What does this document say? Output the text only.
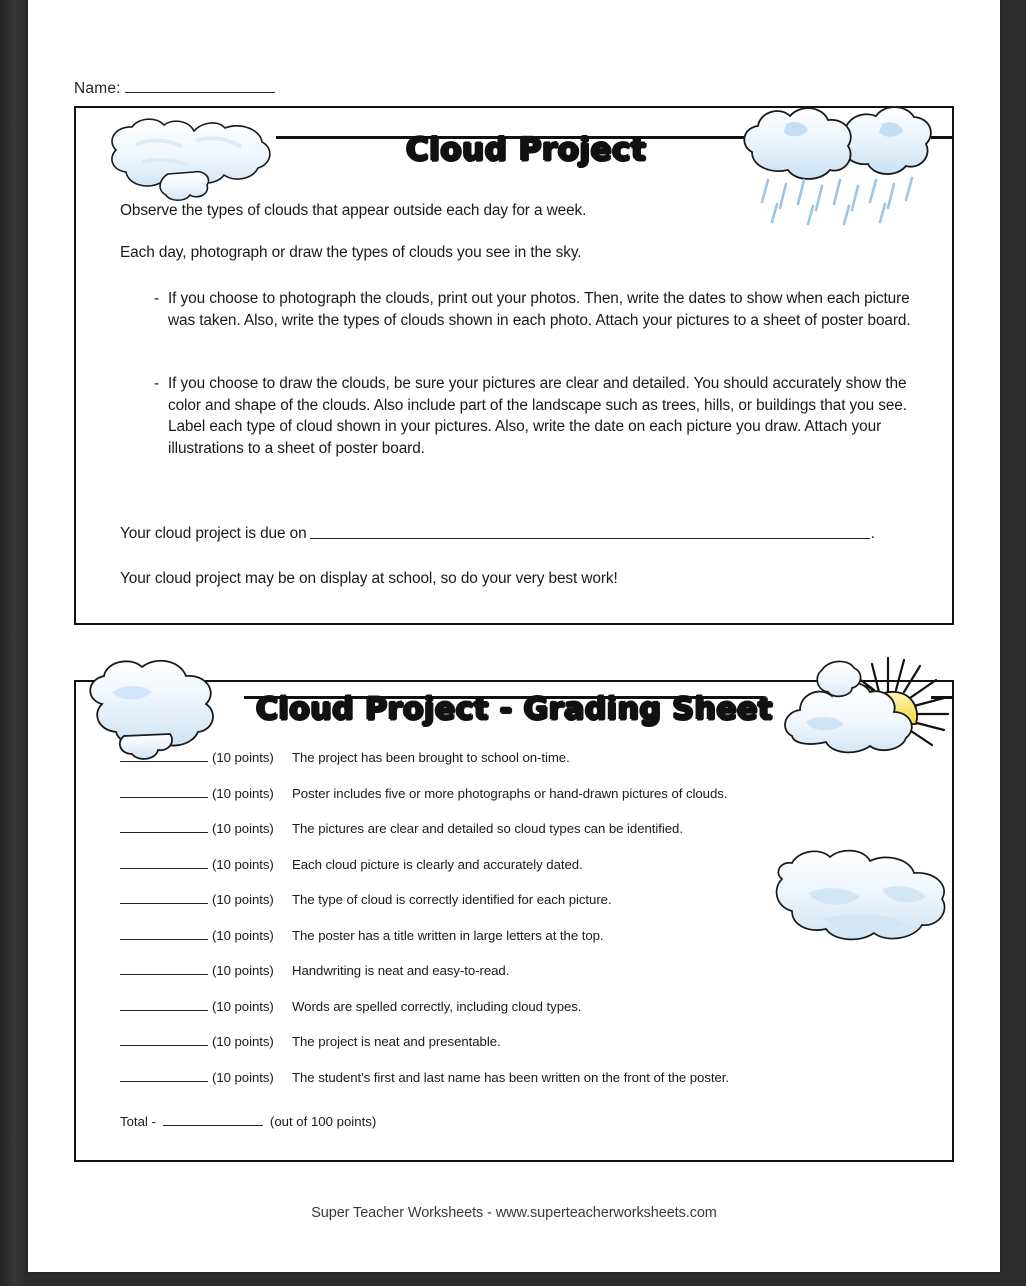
Name:
Cloud Project
Observe the types of clouds that appear outside each day for a week.
Each day, photograph or draw the types of clouds you see in the sky.
- If you choose to photograph the clouds, print out your photos. Then, write the dates to show when each picture was taken. Also, write the types of clouds shown in each photo. Attach your pictures to a sheet of poster board.
- If you choose to draw the clouds, be sure your pictures are clear and detailed. You should accurately show the color and shape of the clouds. Also include part of the landscape such as trees, hills, or buildings that you see. Label each type of cloud shown in your pictures. Also, write the date on each picture you draw. Attach your illustrations to a sheet of poster board.
Your cloud project is due on	.
Your cloud project may be on display at school, so do your very best work!
Cloud Project - Grading Sheet
(10 points)	The project has been brought to school on-time.
(10 points)	Poster includes five or more photographs or hand-drawn pictures of clouds.
(10 points)	The pictures are clear and detailed so cloud types can be identified.
(10 points)	Each cloud picture is clearly and accurately dated.
(10 points)	The type of cloud is correctly identified for each picture.
(10 points)	The poster has a title written in large letters at the top.
(10 points)	Handwriting is neat and easy-to-read.
(10 points)	Words are spelled correctly, including cloud types.
(10 points)	The project is neat and presentable.
(10 points)	The student's first and last name has been written on the front of the poster.
Total -	(out of 100 points)
Super Teacher Worksheets - www.superteacherworksheets.com
